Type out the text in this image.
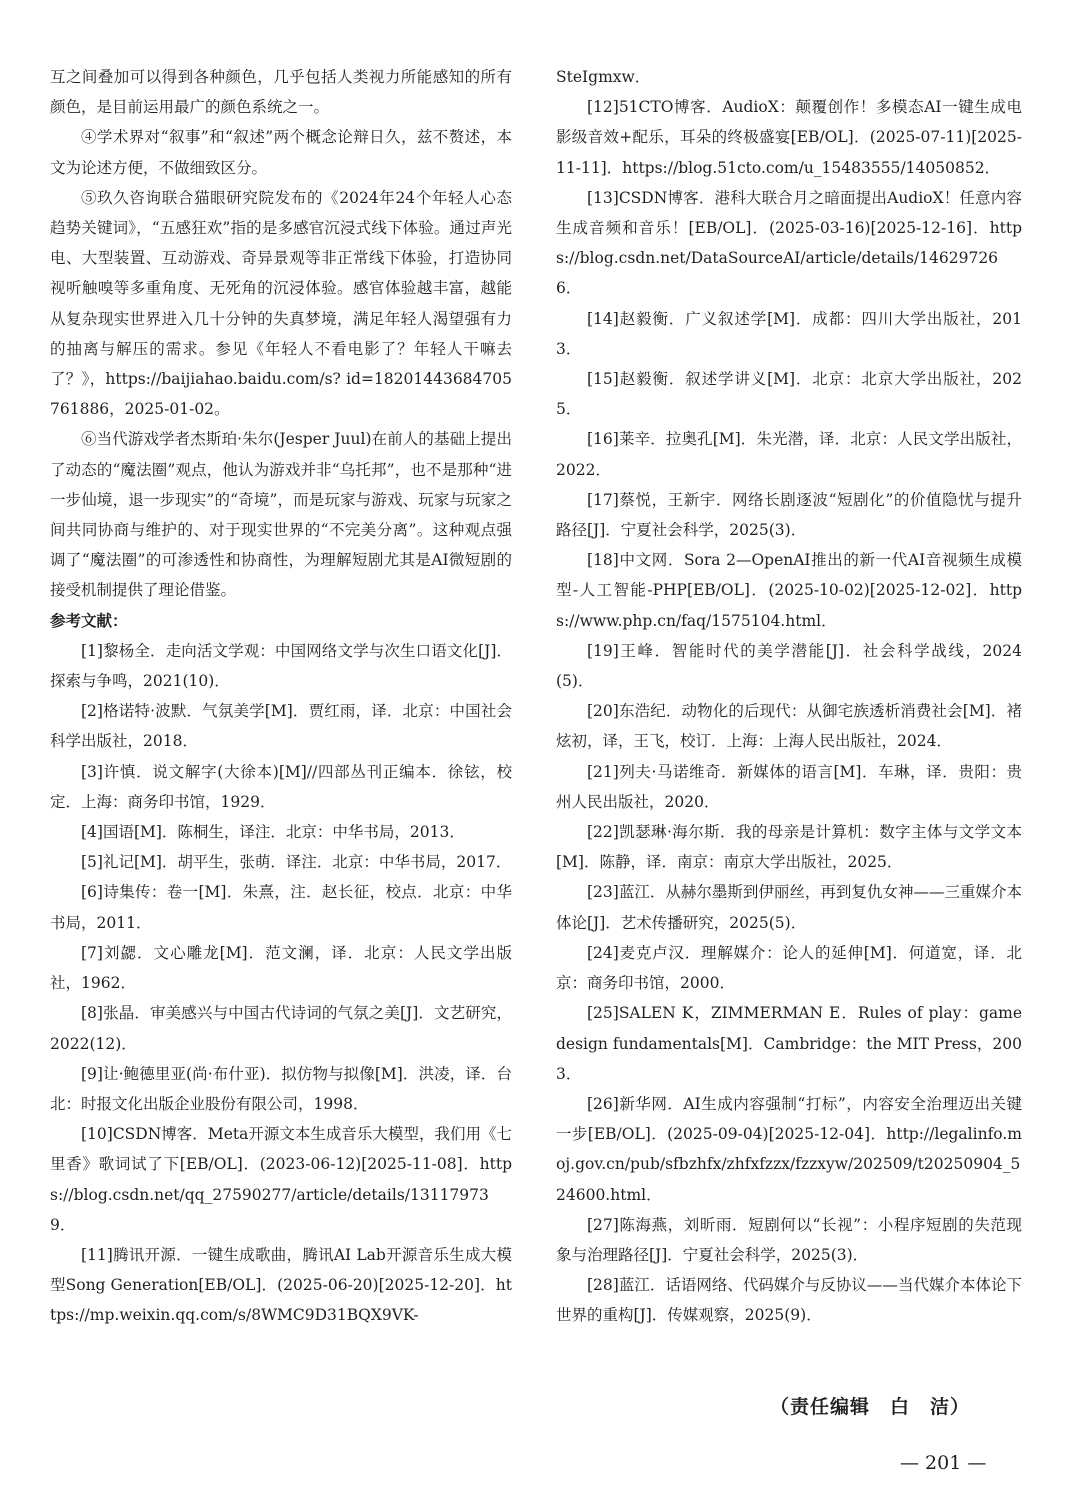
互之间叠加可以得到各种颜色，几乎包括人类视力所能感知的所有颜色，是目前运用最广的颜色系统之一。

④学术界对“叙事”和“叙述”两个概念论辩日久，兹不赘述，本文为论述方便，不做细致区分。

⑤玖久咨询联合猫眼研究院发布的《2024年24个年轻人心态趋势关键词》，“五感狂欢”指的是多感官沉浸式线下体验。通过声光电、大型装置、互动游戏、奇异景观等非正常线下体验，打造协同视听触嗅等多重角度、无死角的沉浸体验。感官体验越丰富，越能从复杂现实世界进入几十分钟的失真梦境，满足年轻人渴望强有力的抽离与解压的需求。参见《年轻人不看电影了？年轻人干嘛去了？》，https://baijiahao.baidu.com/s? id=18201443684705761886，2025-01-02。

⑥当代游戏学者杰斯珀·朱尔(Jesper Juul)在前人的基础上提出了动态的“魔法圈”观点，他认为游戏并非“乌托邦”，也不是那种“进一步仙境，退一步现实”的“奇境”，而是玩家与游戏、玩家与玩家之间共同协商与维护的、对于现实世界的“不完美分离”。这种观点强调了“魔法圈”的可渗透性和协商性，为理解短剧尤其是AI微短剧的接受机制提供了理论借鉴。

参考文献：

[1]黎杨全．走向活文学观：中国网络文学与次生口语文化[J]．探索与争鸣，2021(10)．

[2]格诺特·波默．气氛美学[M]．贾红雨，译．北京：中国社会科学出版社，2018．

[3]许慎．说文解字(大徐本)[M]//四部丛刊正编本．徐铉，校定．上海：商务印书馆，1929．

[4]国语[M]．陈桐生，译注．北京：中华书局，2013．

[5]礼记[M]．胡平生，张萌．译注．北京：中华书局，2017．

[6]诗集传：卷一[M]．朱熹，注．赵长征，校点．北京：中华书局，2011．

[7]刘勰．文心雕龙[M]．范文澜，译．北京：人民文学出版社，1962．

[8]张晶．审美感兴与中国古代诗词的气氛之美[J]．文艺研究，2022(12)．

[9]让·鲍德里亚(尚·布什亚)．拟仿物与拟像[M]．洪凌，译．台北：时报文化出版企业股份有限公司，1998．

[10]CSDN博客．Meta开源文本生成音乐大模型，我们用《七里香》歌词试了下[EB/OL]．(2023-06-12)[2025-11-08]．https://blog.csdn.net/qq_27590277/article/details/131179739．

[11]腾讯开源．一键生成歌曲，腾讯AI Lab开源音乐生成大模型Song Generation[EB/OL]．(2025-06-20)[2025-12-20]．https://mp.weixin.qq.com/s/8WMC9D31BQX9VK-

SteIgmxw．

[12]51CTO博客．AudioX：颠覆创作！多模态AI一键生成电影级音效+配乐，耳朵的终极盛宴[EB/OL]．(2025-07-11)[2025-11-11]．https://blog.51cto.com/u_15483555/14050852．

[13]CSDN博客．港科大联合月之暗面提出AudioX！任意内容生成音频和音乐！[EB/OL]．(2025-03-16)[2025-12-16]．https://blog.csdn.net/DataSourceAI/article/details/146297266．

[14]赵毅衡．广义叙述学[M]．成都：四川大学出版社，2013．

[15]赵毅衡．叙述学讲义[M]．北京：北京大学出版社，2025．

[16]莱辛．拉奥孔[M]．朱光潜，译．北京：人民文学出版社，2022．

[17]蔡悦，王新宇．网络长剧逐波“短剧化”的价值隐忧与提升路径[J]．宁夏社会科学，2025(3)．

[18]中文网．Sora 2—OpenAI推出的新一代AI音视频生成模型-人工智能-PHP[EB/OL]．(2025-10-02)[2025-12-02]．https://www.php.cn/faq/1575104.html．

[19]王峰．智能时代的美学潜能[J]．社会科学战线，2024(5)．

[20]东浩纪．动物化的后现代：从御宅族透析消费社会[M]．褚炫初，译，王飞，校订．上海：上海人民出版社，2024．

[21]列夫·马诺维奇．新媒体的语言[M]．车琳，译．贵阳：贵州人民出版社，2020．

[22]凯瑟琳·海尔斯．我的母亲是计算机：数字主体与文学文本[M]．陈静，译．南京：南京大学出版社，2025．

[23]蓝江．从赫尔墨斯到伊丽丝，再到复仇女神——三重媒介本体论[J]．艺术传播研究，2025(5)．

[24]麦克卢汉．理解媒介：论人的延伸[M]．何道宽，译．北京：商务印书馆，2000．

[25]SALEN K，ZIMMERMAN E．Rules of play：game design fundamentals[M]．Cambridge：the MIT Press，2003．

[26]新华网．AI生成内容强制“打标”，内容安全治理迈出关键一步[EB/OL]．(2025-09-04)[2025-12-04]．http://legalinfo.moj.gov.cn/pub/sfbzhfx/zhfxfzzx/fzzxyw/202509/t20250904_524600.html．

[27]陈海燕，刘昕雨．短剧何以“长视”：小程序短剧的失范现象与治理路径[J]．宁夏社会科学，2025(3)．

[28]蓝江．话语网络、代码媒介与反协议——当代媒介本体论下世界的重构[J]．传媒观察，2025(9)．

（责任编辑　白　洁）
— 201 —
